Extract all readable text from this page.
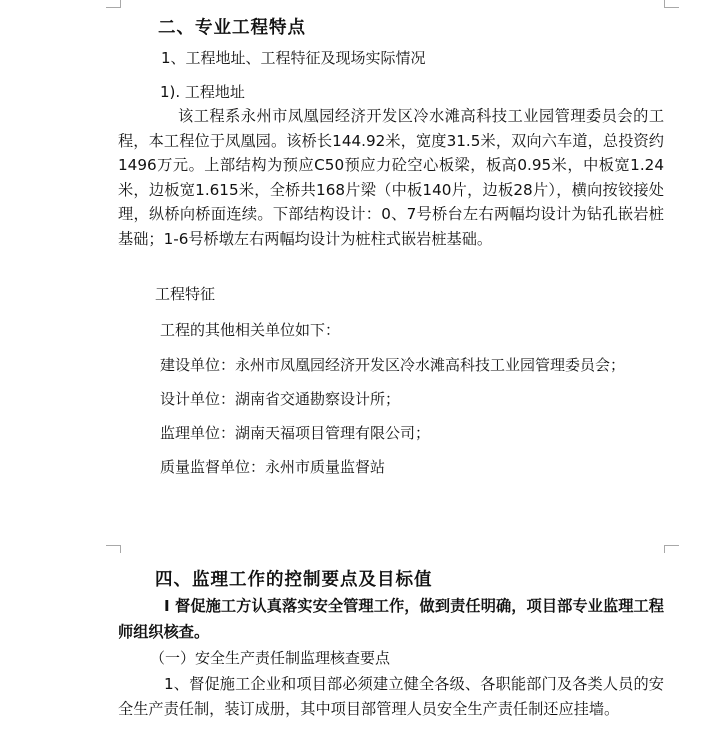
二、专业工程特点
1、工程地址、工程特征及现场实际情况
1). 工程地址
该工程系永州市凤凰园经济开发区冷水滩高科技工业园管理委员会的工程，本工程位于凤凰园。该桥长144.92米，宽度31.5米，双向六车道，总投资约1496万元。上部结构为预应C50预应力砼空心板梁，板高0.95米，中板宽1.24米，边板宽1.615米，全桥共168片梁（中板140片，边板28片），横向按铰接处理，纵桥向桥面连续。下部结构设计：0、7号桥台左右两幅均设计为钻孔嵌岩桩基础；1-6号桥墩左右两幅均设计为桩柱式嵌岩桩基础。
工程特征
工程的其他相关单位如下：
建设单位：永州市凤凰园经济开发区冷水滩高科技工业园管理委员会；
设计单位：湖南省交通勘察设计所；
监理单位：湖南天福项目管理有限公司；
质量监督单位：永州市质量监督站
四、监理工作的控制要点及目标值
I 督促施工方认真落实安全管理工作，做到责任明确，项目部专业监理工程师组织核查。
（一）安全生产责任制监理核查要点
1、督促施工企业和项目部必须建立健全各级、各职能部门及各类人员的安全生产责任制，装订成册，其中项目部管理人员安全生产责任制还应挂墙。
